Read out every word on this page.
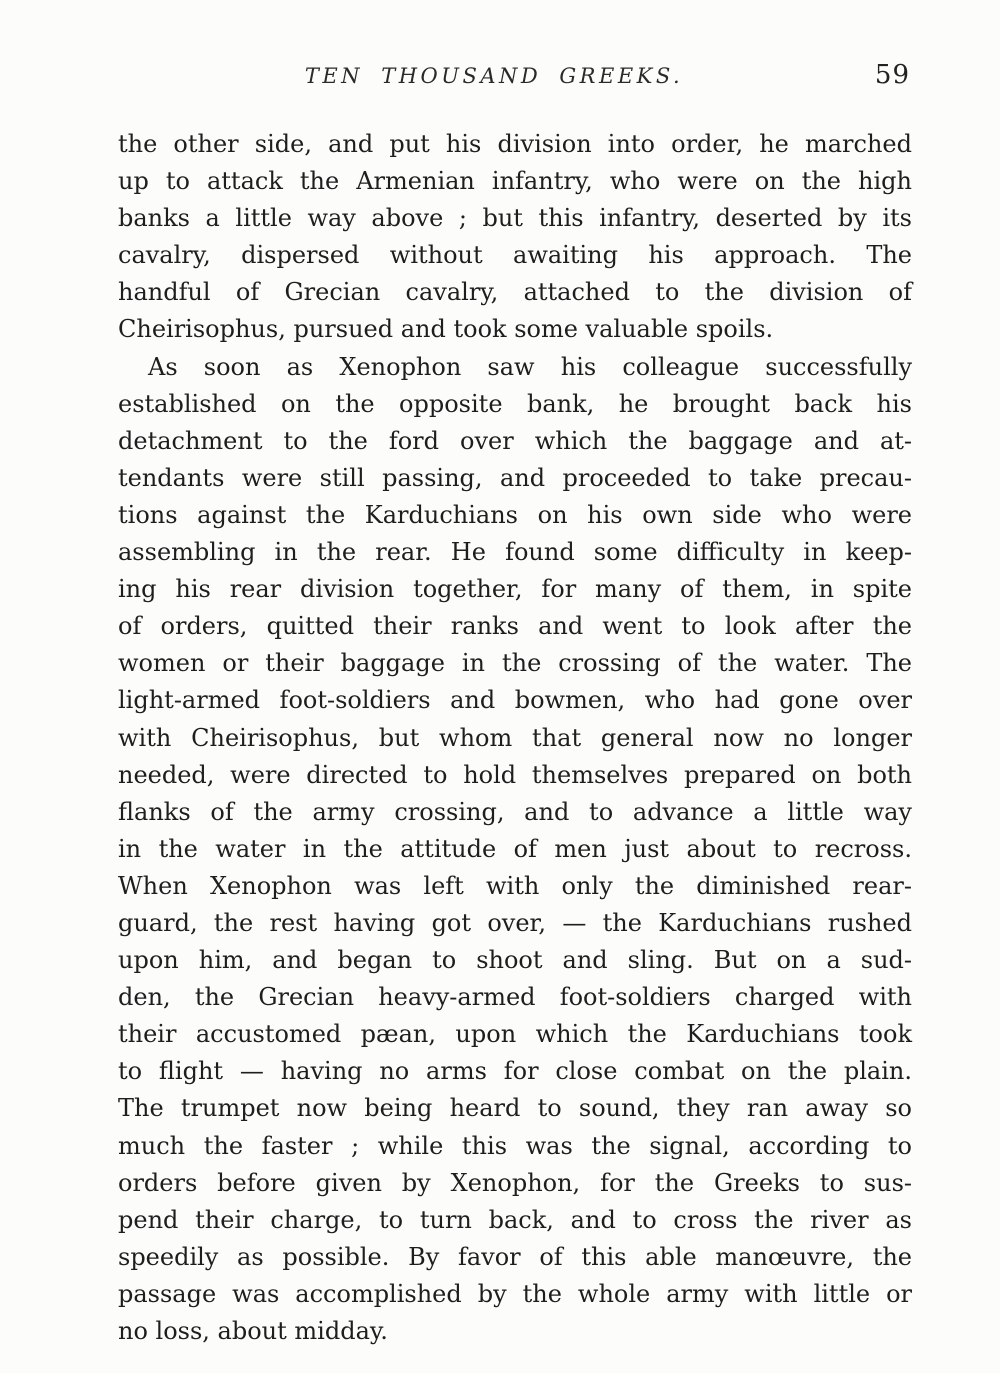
TEN THOUSAND GREEKS.	59

the other side, and put his division into order, he marched
up to attack the Armenian infantry, who were on the high
banks a little way above ; but this infantry, deserted by its
cavalry, dispersed without awaiting his approach. The
handful of Grecian cavalry, attached to the division of
Cheirisophus, pursued and took some valuable spoils.

As soon as Xenophon saw his colleague successfully
established on the opposite bank, he brought back his
detachment to the ford over which the baggage and at-
tendants were still passing, and proceeded to take precau-
tions against the Karduchians on his own side who were
assembling in the rear. He found some difficulty in keep-
ing his rear division together, for many of them, in spite
of orders, quitted their ranks and went to look after the
women or their baggage in the crossing of the water. The
light-armed foot-soldiers and bowmen, who had gone over
with Cheirisophus, but whom that general now no longer
needed, were directed to hold themselves prepared on both
flanks of the army crossing, and to advance a little way
in the water in the attitude of men just about to recross.
When Xenophon was left with only the diminished rear-
guard, the rest having got over, — the Karduchians rushed
upon him, and began to shoot and sling. But on a sud-
den, the Grecian heavy-armed foot-soldiers charged with
their accustomed pæan, upon which the Karduchians took
to flight — having no arms for close combat on the plain.
The trumpet now being heard to sound, they ran away so
much the faster ; while this was the signal, according to
orders before given by Xenophon, for the Greeks to sus-
pend their charge, to turn back, and to cross the river as
speedily as possible. By favor of this able manœuvre, the
passage was accomplished by the whole army with little or
no loss, about midday.
